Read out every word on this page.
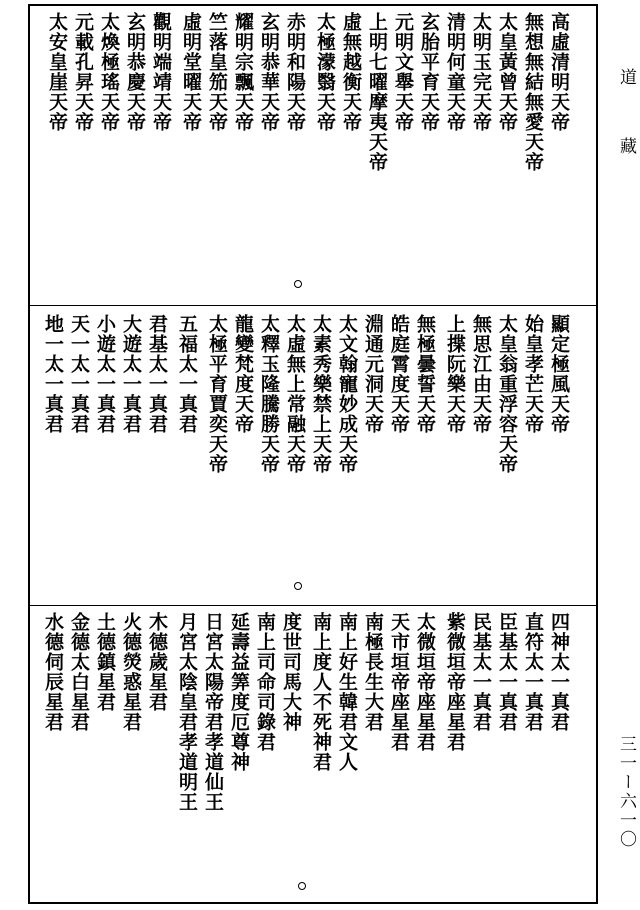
道　　藏
三一ー六一〇
高虛清明天帝
無想無結無愛天帝
太皇黃曾天帝
太明玉完天帝
清明何童天帝
玄胎平育天帝
元明文舉天帝
上明七曜摩夷天帝
虛無越衡天帝
太極濛翳天帝
赤明和陽天帝
玄明恭華天帝
耀明宗飄天帝
竺落皇笳天帝
虛明堂曜天帝
觀明端靖天帝
玄明恭慶天帝
太煥極瑤天帝
元載孔昇天帝
太安皇崖天帝
顯定極風天帝
始皇孝芒天帝
太皇翁重浮容天帝
無思江由天帝
上揲阮樂天帝
無極曇誓天帝
皓庭霄度天帝
淵通元洞天帝
太文翰寵妙成天帝
太素秀樂禁上天帝
太虛無上常融天帝
太釋玉隆騰勝天帝
龍變梵度天帝
太極平育賈奕天帝
五福太一真君
君基太一真君
大遊太一真君
小遊太一真君
天一太一真君
地一太一真君
四神太一真君
直符太一真君
臣基太一真君
民基太一真君
紫微垣帝座星君
太微垣帝座星君
天市垣帝座星君
南極長生大君
南上好生韓君文人
南上度人不死神君
度世司馬大神
南上司命司錄君
延壽益筭度厄尊神
日宮太陽帝君孝道仙王
月宮太陰皇君孝道明王
木德歲星君
火德熒惑星君
土德鎮星君
金德太白星君
水德伺辰星君
